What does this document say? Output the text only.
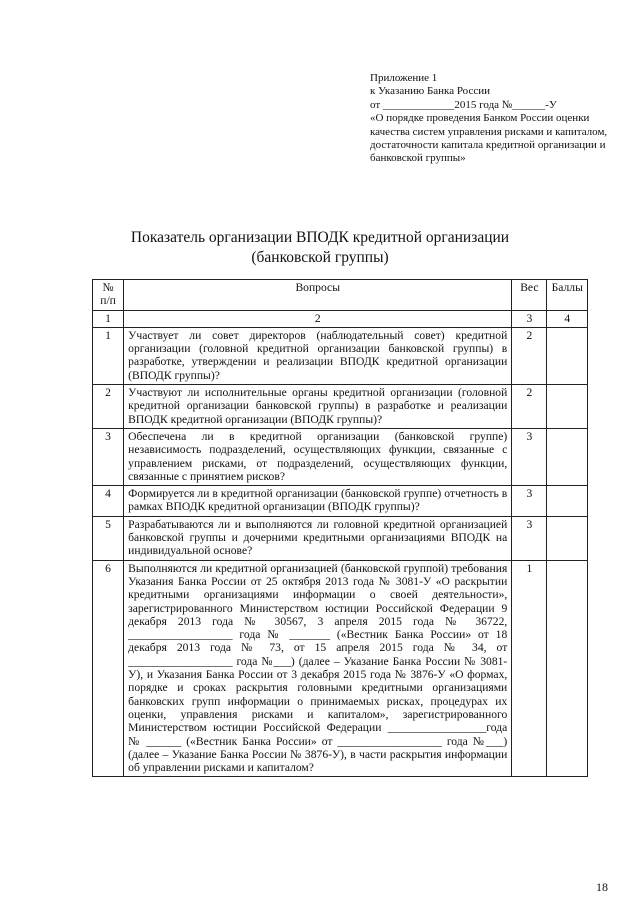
Приложение 1
к Указанию Банка России
от _____________2015 года №______-У
«О порядке проведения Банком России оценки качества систем управления рисками и капиталом, достаточности капитала кредитной организации и банковской группы»
Показатель организации ВПОДК кредитной организации
(банковской группы)
№ п/п	Вопросы	Вес	Баллы
1	2	3	4
1	Участвует ли совет директоров (наблюдательный совет) кредитной организации (головной кредитной организации банковской группы) в разработке, утверждении и реализации ВПОДК кредитной организации (ВПОДК группы)?	2	
2	Участвуют ли исполнительные органы кредитной организации (головной кредитной организации банковской группы) в разработке и реализации ВПОДК кредитной организации (ВПОДК группы)?	2	
3	Обеспечена ли в кредитной организации (банковской группе) независимость подразделений, осуществляющих функции, связанные с управлением рисками, от подразделений, осуществляющих функции, связанные с принятием рисков?	3	
4	Формируется ли в кредитной организации (банковской группе) отчетность в рамках ВПОДК кредитной организации (ВПОДК группы)?	3	
5	Разрабатываются ли и выполняются ли головной кредитной организацией банковской группы и дочерними кредитными организациями ВПОДК на индивидуальной основе?	3	
6	Выполняются ли кредитной организацией (банковской группой) требования Указания Банка России от 25 октября 2013 года № 3081-У «О раскрытии кредитными организациями информации о своей деятельности», зарегистрированного Министерством юстиции Российской Федерации 9 декабря 2013 года № 30567, 3 апреля 2015 года № 36722, __________________ года № _______ («Вестник Банка России» от 18 декабря 2013 года № 73, от 15 апреля 2015 года № 34, от __________________ года №___) (далее – Указание Банка России № 3081-У), и Указания Банка России от 3 декабря 2015 года № 3876-У «О формах, порядке и сроках раскрытия головными кредитными организациями банковских групп информации о принимаемых рисках, процедурах их оценки, управления рисками и капиталом», зарегистрированного Министерством юстиции Российской Федерации _________________года № ______ («Вестник Банка России» от __________________ года №___) (далее – Указание Банка России № 3876-У), в части раскрытия информации об управлении рисками и капиталом?	1	
18
